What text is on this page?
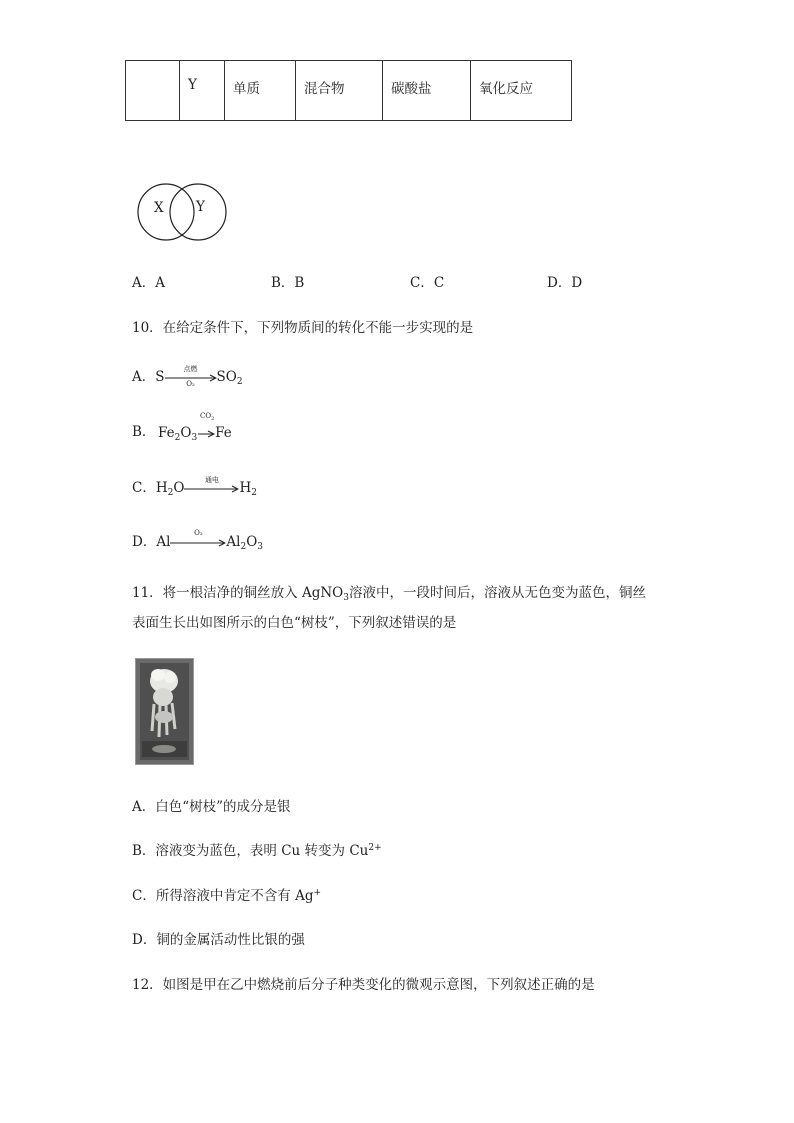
	Y	单质	混合物	碳酸盐	氧化反应
X Y
A．A	B．B	C．C	D．D
10．在给定条件下，下列物质间的转化不能一步实现的是
A．S
点燃
O₂	$SO_2$
B．
$CO_2$
$Fe_2O_3\to Fe$
C．$H_2O$
通电
$H_2$
D．Al
O₂
$Al_2O_3$
11．将一根洁净的铜丝放入 AgNO$_3$溶液中，一段时间后，溶液从无色变为蓝色，铜丝
表面生长出如图所示的白色“树枝”，下列叙述错误的是
A．白色“树枝”的成分是银
B．溶液变为蓝色，表明 Cu 转变为 $Cu^{2+}$
C．所得溶液中肯定不含有 Ag+
D．铜的金属活动性比银的强
12．如图是甲在乙中燃烧前后分子种类变化的微观示意图，下列叙述正确的是
